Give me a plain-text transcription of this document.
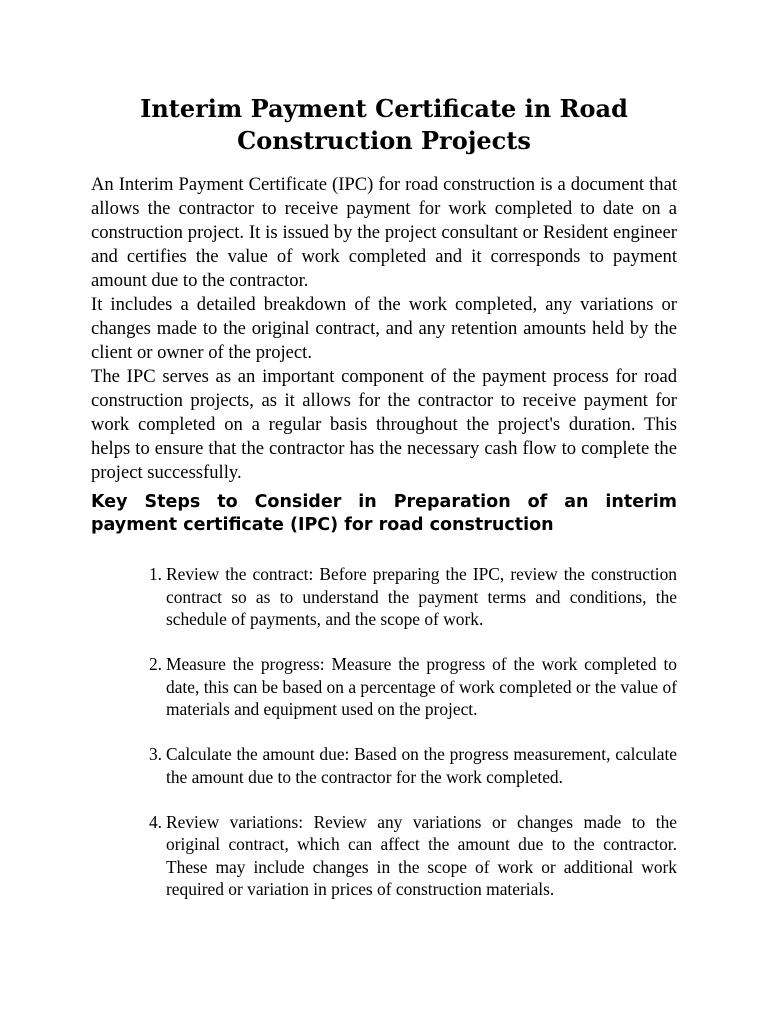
Interim Payment Certificate in Road Construction Projects

An Interim Payment Certificate (IPC) for road construction is a document that allows the contractor to receive payment for work completed to date on a construction project. It is issued by the project consultant or Resident engineer and certifies the value of work completed and it corresponds to payment amount due to the contractor.

It includes a detailed breakdown of the work completed, any variations or changes made to the original contract, and any retention amounts held by the client or owner of the project.

The IPC serves as an important component of the payment process for road construction projects, as it allows for the contractor to receive payment for work completed on a regular basis throughout the project's duration. This helps to ensure that the contractor has the necessary cash flow to complete the project successfully.

Key Steps to Consider in Preparation of an interim payment certificate (IPC) for road construction
1. Review the contract: Before preparing the IPC, review the construction contract so as to understand the payment terms and conditions, the schedule of payments, and the scope of work.
2. Measure the progress: Measure the progress of the work completed to date, this can be based on a percentage of work completed or the value of materials and equipment used on the project.
3. Calculate the amount due: Based on the progress measurement, calculate the amount due to the contractor for the work completed.
4. Review variations: Review any variations or changes made to the original contract, which can affect the amount due to the contractor. These may include changes in the scope of work or additional work required or variation in prices of construction materials.
